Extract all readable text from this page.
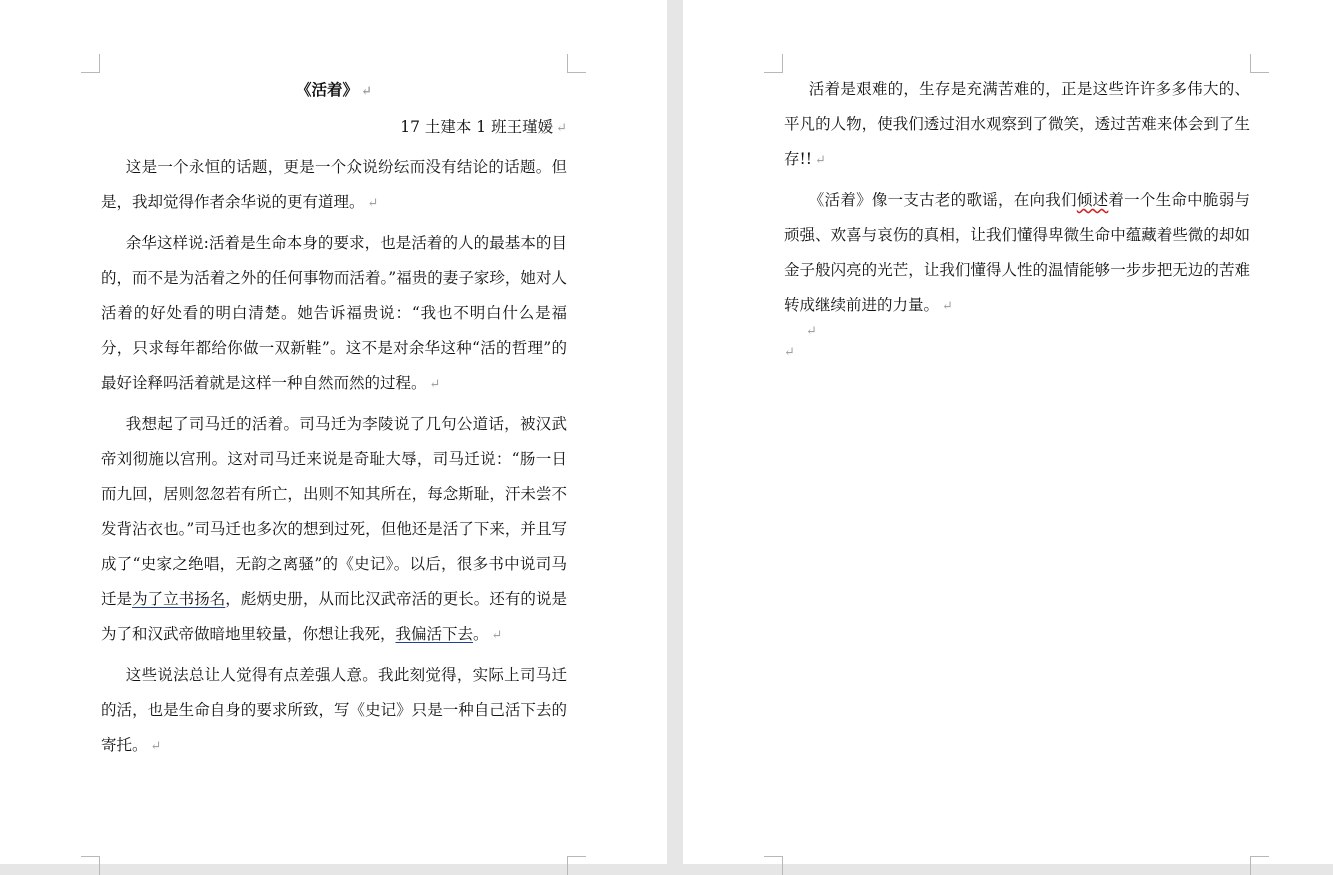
《活着》 ↵

17 土建本 1 班王瑾媛 ↵

这是一个永恒的话题，更是一个众说纷纭而没有结论的话题。但是，我却觉得作者余华说的更有道理。 ↵

余华这样说:活着是生命本身的要求，也是活着的人的最基本的目的，而不是为活着之外的任何事物而活着。”福贵的妻子家珍，她对人活着的好处看的明白清楚。她告诉福贵说：“我也不明白什么是福分，只求每年都给你做一双新鞋”。这不是对余华这种“活的哲理”的最好诠释吗活着就是这样一种自然而然的过程。 ↵

我想起了司马迁的活着。司马迁为李陵说了几句公道话，被汉武帝刘彻施以宫刑。这对司马迁来说是奇耻大辱，司马迁说：“肠一日而九回，居则忽忽若有所亡，出则不知其所在，每念斯耻，汗未尝不发背沾衣也。”司马迁也多次的想到过死，但他还是活了下来，并且写成了“史家之绝唱，无韵之离骚”的《史记》。以后，很多书中说司马迁是为了立书扬名，彪炳史册，从而比汉武帝活的更长。还有的说是为了和汉武帝做暗地里较量，你想让我死，我偏活下去。 ↵

这些说法总让人觉得有点差强人意。我此刻觉得，实际上司马迁的活，也是生命自身的要求所致，写《史记》只是一种自己活下去的寄托。 ↵

活着是艰难的，生存是充满苦难的，正是这些许许多多伟大的、平凡的人物，使我们透过泪水观察到了微笑，透过苦难来体会到了生存!! ↵

《活着》像一支古老的歌谣，在向我们倾述着一个生命中脆弱与顽强、欢喜与哀伤的真相，让我们懂得卑微生命中蕴藏着些微的却如金子般闪亮的光芒，让我们懂得人性的温情能够一步步把无边的苦难转成继续前进的力量。 ↵

↵
↵
